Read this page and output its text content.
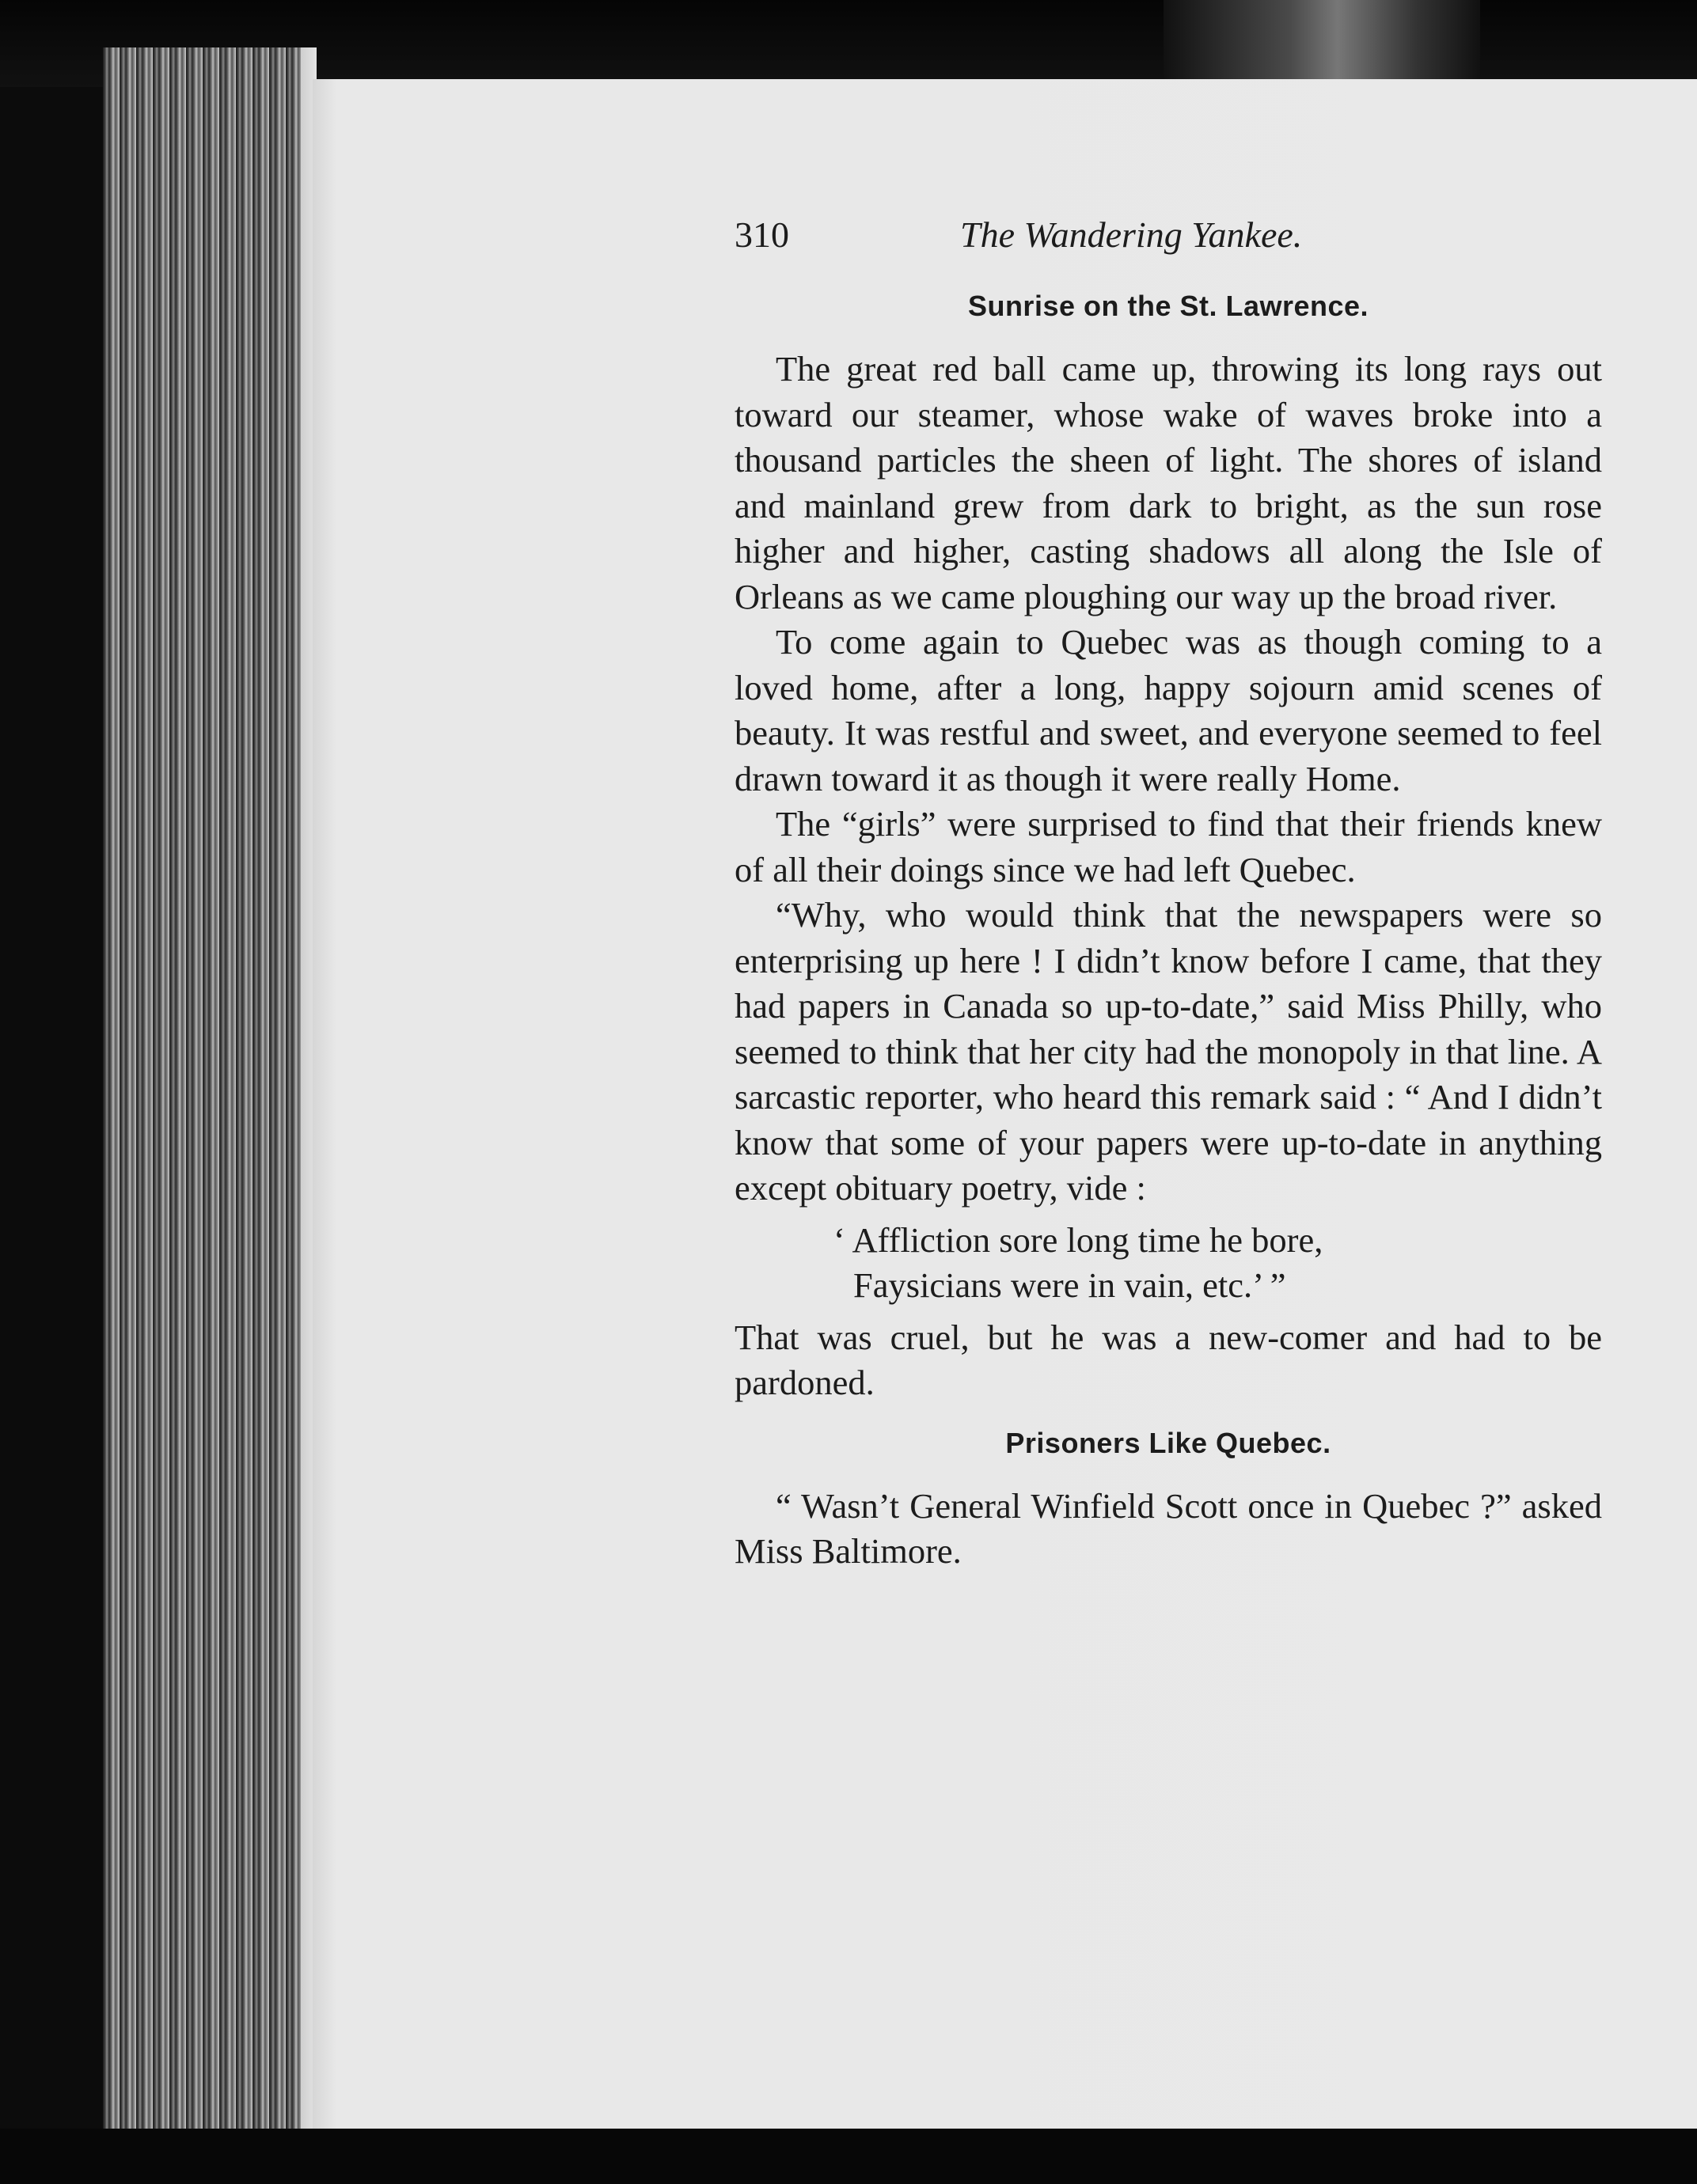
310	The Wandering Yankee.
Sunrise on the St. Lawrence.

The great red ball came up, throwing its long rays out toward our steamer, whose wake of waves broke into a thousand particles the sheen of light. The shores of island and mainland grew from dark to bright, as the sun rose higher and higher, casting shadows all along the Isle of Orleans as we came ploughing our way up the broad river.

To come again to Quebec was as though coming to a loved home, after a long, happy sojourn amid scenes of beauty. It was restful and sweet, and everyone seemed to feel drawn toward it as though it were really Home.

The “girls” were surprised to find that their friends knew of all their doings since we had left Quebec.

“Why, who would think that the newspapers were so enterprising up here ! I didn’t know before I came, that they had papers in Canada so up-to-date,” said Miss Philly, who seemed to think that her city had the monopoly in that line. A sarcastic reporter, who heard this remark said : “ And I didn’t know that some of your papers were up-to-date in anything except obituary poetry, vide :

‘ Affliction sore long time he bore,
Faysicians were in vain, etc.’ ”

That was cruel, but he was a new-comer and had to be pardoned.

Prisoners Like Quebec.

“ Wasn’t General Winfield Scott once in Quebec ?” asked Miss Baltimore.
